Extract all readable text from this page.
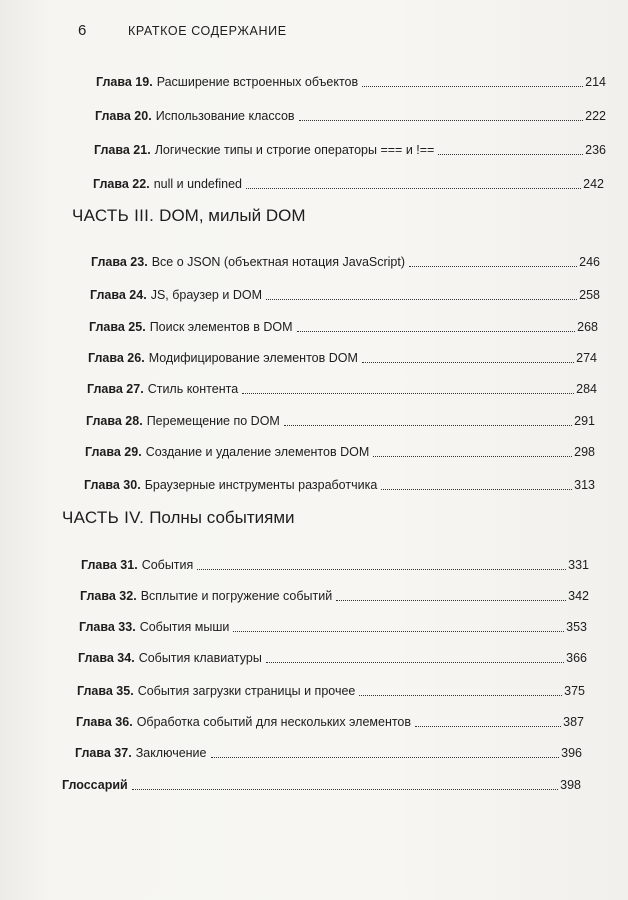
6	КРАТКОЕ СОДЕРЖАНИЕ
Глава 19. Расширение встроенных объектов	214
Глава 20. Использование классов	222
Глава 21. Логические типы и строгие операторы === и !==	236
Глава 22. null и undefined	242
ЧАСТЬ III. DOM, милый DOM
Глава 23. Все о JSON (объектная нотация JavaScript)	246
Глава 24. JS, браузер и DOM	258
Глава 25. Поиск элементов в DOM	268
Глава 26. Модифицирование элементов DOM	274
Глава 27. Стиль контента	284
Глава 28. Перемещение по DOM	291
Глава 29. Создание и удаление элементов DOM	298
Глава 30. Браузерные инструменты разработчика	313
ЧАСТЬ IV. Полны событиями
Глава 31. События	331
Глава 32. Всплытие и погружение событий	342
Глава 33. События мыши	353
Глава 34. События клавиатуры	366
Глава 35. События загрузки страницы и прочее	375
Глава 36. Обработка событий для нескольких элементов	387
Глава 37. Заключение	396
Глоссарий	398
